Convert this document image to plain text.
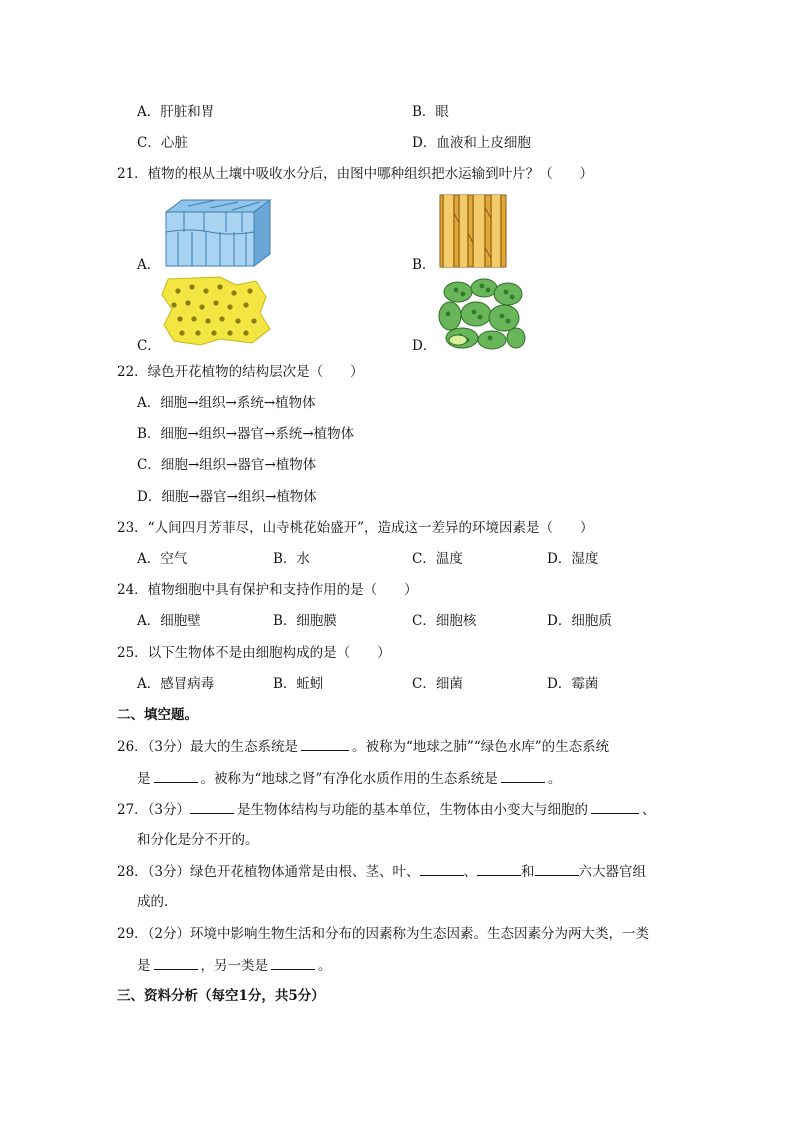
A．肝脏和胃	B．眼
C．心脏	D．血液和上皮细胞
21．植物的根从土壤中吸收水分后，由图中哪种组织把水运输到叶片？（　　）
A．	B．
C．	D．
22．绿色开花植物的结构层次是（　　）
A．细胞→组织→系统→植物体
B．细胞→组织→器官→系统→植物体
C．细胞→组织→器官→植物体
D．细胞→器官→组织→植物体
23．“人间四月芳菲尽，山寺桃花始盛开”，造成这一差异的环境因素是（　　）
A．空气	B．水	C．温度	D．湿度
24．植物细胞中具有保护和支持作用的是（　　）
A．细胞壁	B．细胞膜	C．细胞核	D．细胞质
25．以下生物体不是由细胞构成的是（　　）
A．感冒病毒	B．蚯蚓	C．细菌	D．霉菌
二、填空题。
26．（3分）最大的生态系统是	。被称为“地球之肺”“绿色水库”的生态系统
是	。被称为“地球之肾”有净化水质作用的生态系统是	。
27．（3分）	是生物体结构与功能的基本单位，生物体由小变大与细胞的	、
和分化是分不开的。
28．（3分）绿色开花植物体通常是由根、茎、叶、	、	和	六大器官组
成的.
29．（2分）环境中影响生物生活和分布的因素称为生态因素。生态因素分为两大类，一类
是	，另一类是	。
三、资料分析（每空1分，共5分）
